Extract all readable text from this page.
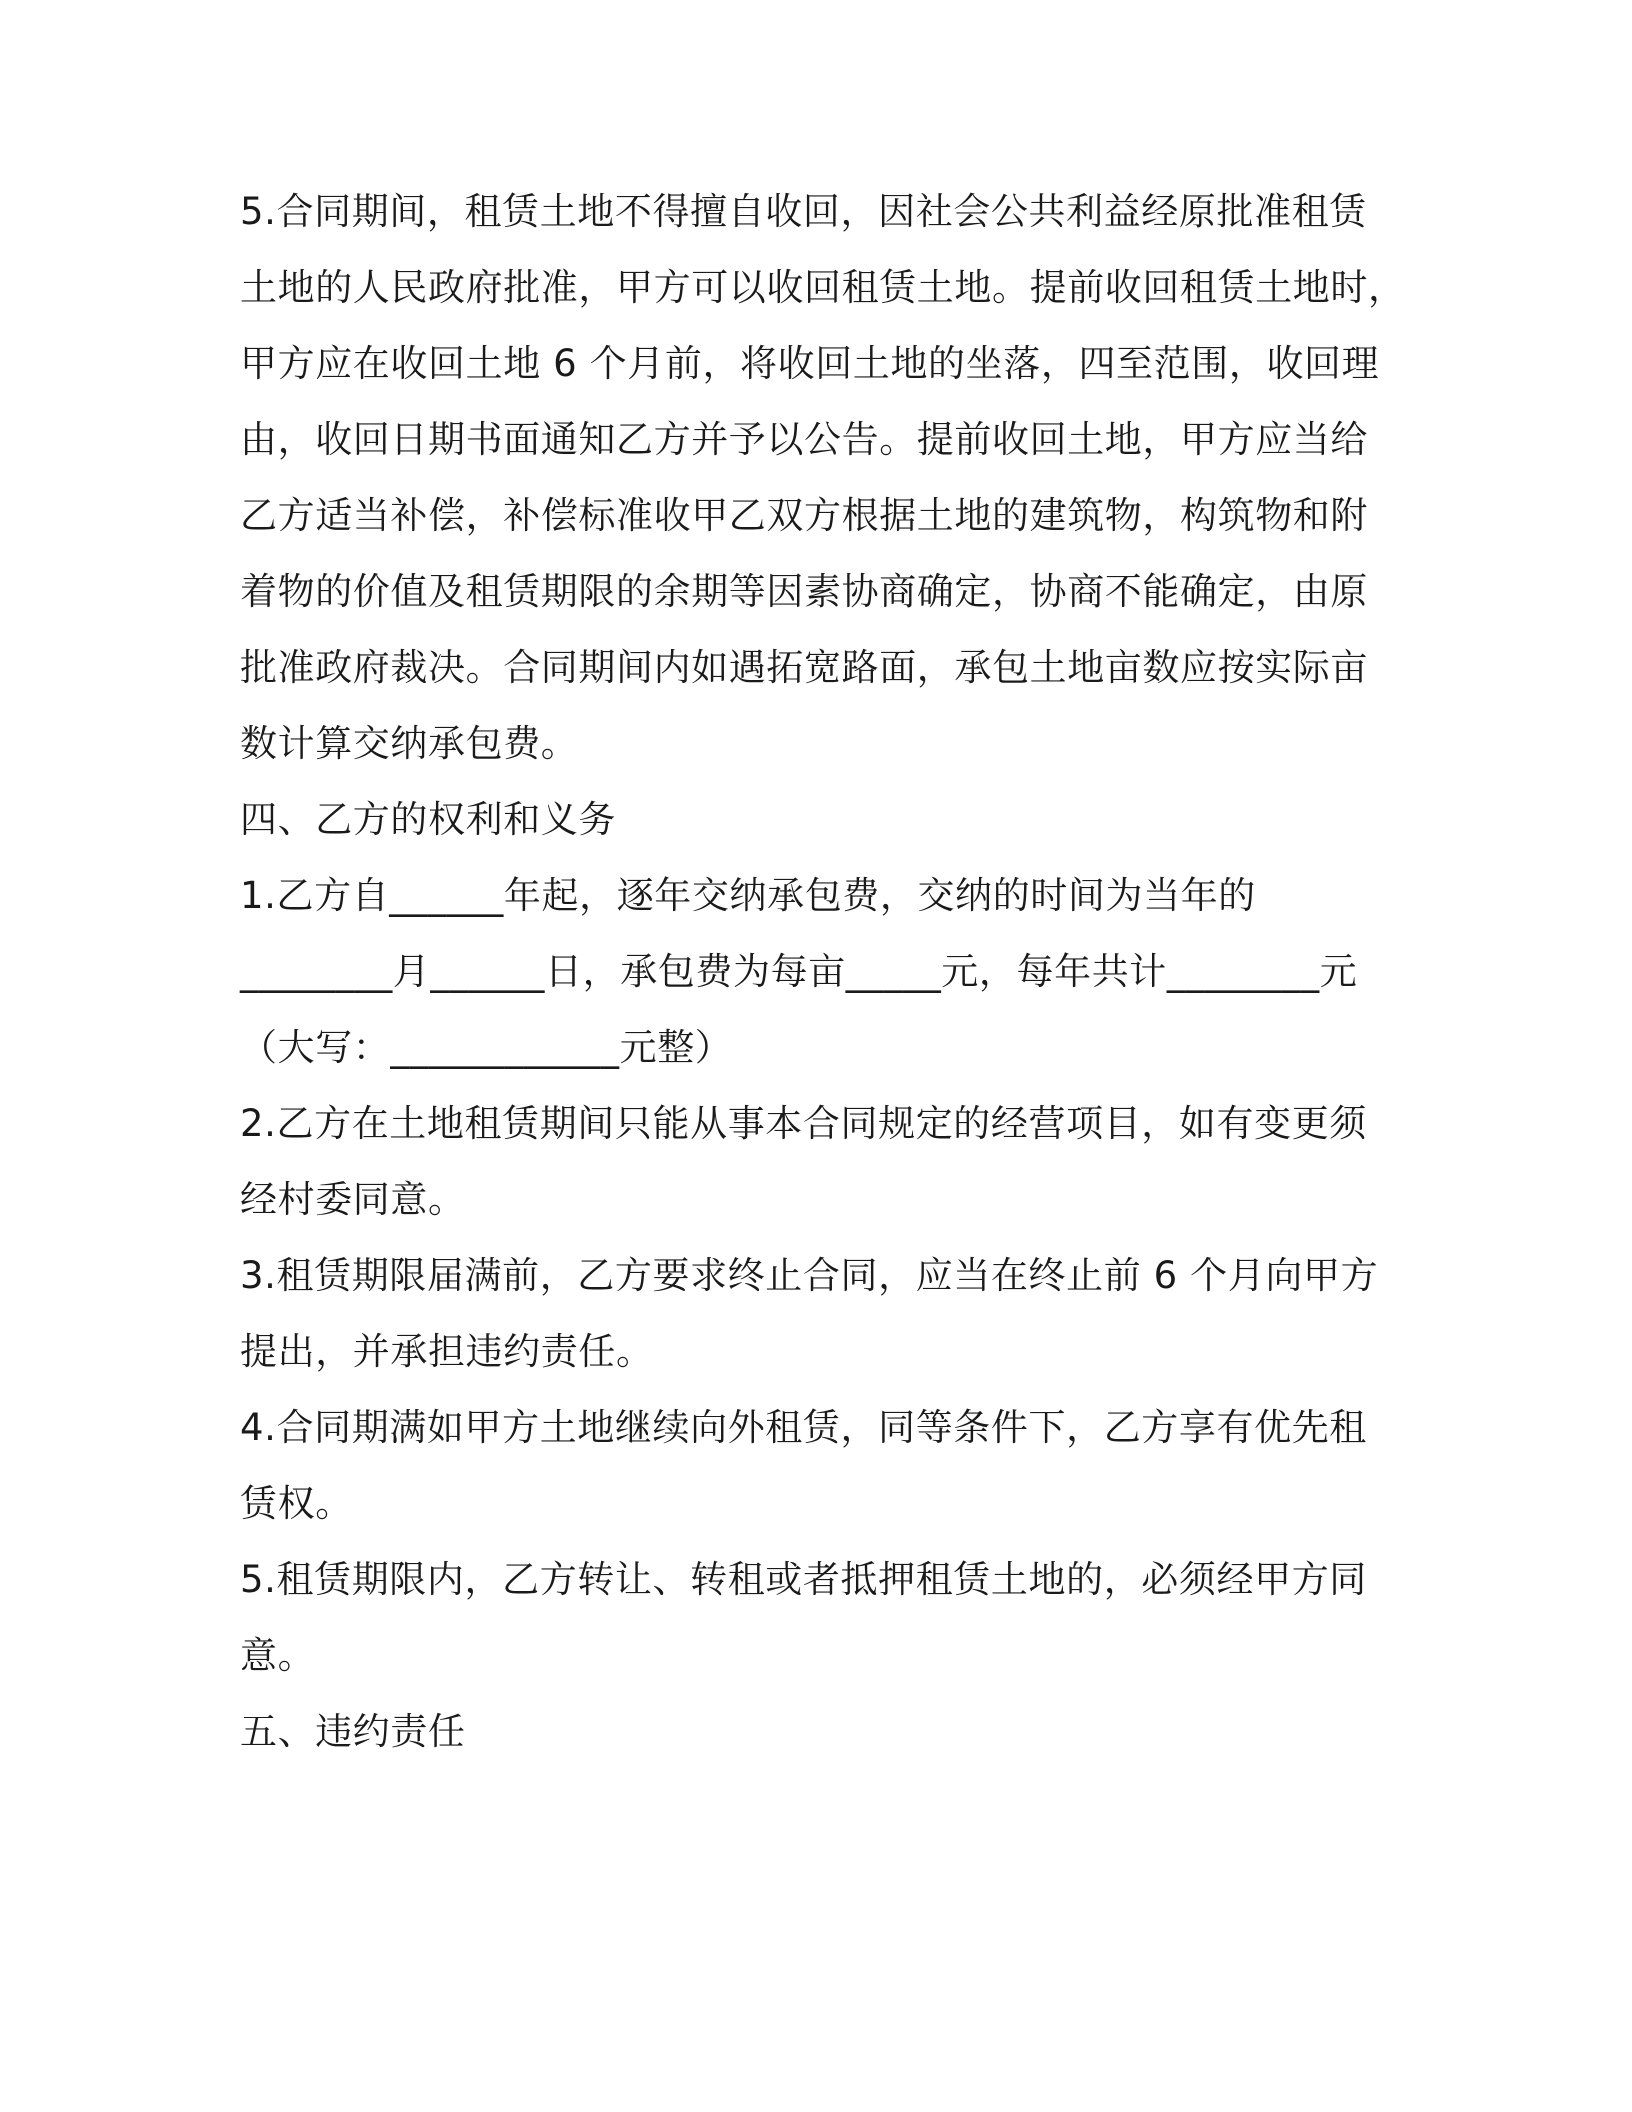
5.合同期间，租赁土地不得擅自收回，因社会公共利益经原批准租赁
土地的人民政府批准，甲方可以收回租赁土地。提前收回租赁土地时，
甲方应在收回土地 6 个月前，将收回土地的坐落，四至范围，收回理
由，收回日期书面通知乙方并予以公告。提前收回土地，甲方应当给
乙方适当补偿，补偿标准收甲乙双方根据土地的建筑物，构筑物和附
着物的价值及租赁期限的余期等因素协商确定，协商不能确定，由原
批准政府裁决。合同期间内如遇拓宽路面，承包土地亩数应按实际亩
数计算交纳承包费。
四、乙方的权利和义务
1.乙方自______年起，逐年交纳承包费，交纳的时间为当年的
________月______日，承包费为每亩_____元，每年共计________元
（大写：____________元整）
2.乙方在土地租赁期间只能从事本合同规定的经营项目，如有变更须
经村委同意。
3.租赁期限届满前，乙方要求终止合同，应当在终止前 6 个月向甲方
提出，并承担违约责任。
4.合同期满如甲方土地继续向外租赁，同等条件下，乙方享有优先租
赁权。
5.租赁期限内，乙方转让、转租或者抵押租赁土地的，必须经甲方同
意。
五、违约责任
